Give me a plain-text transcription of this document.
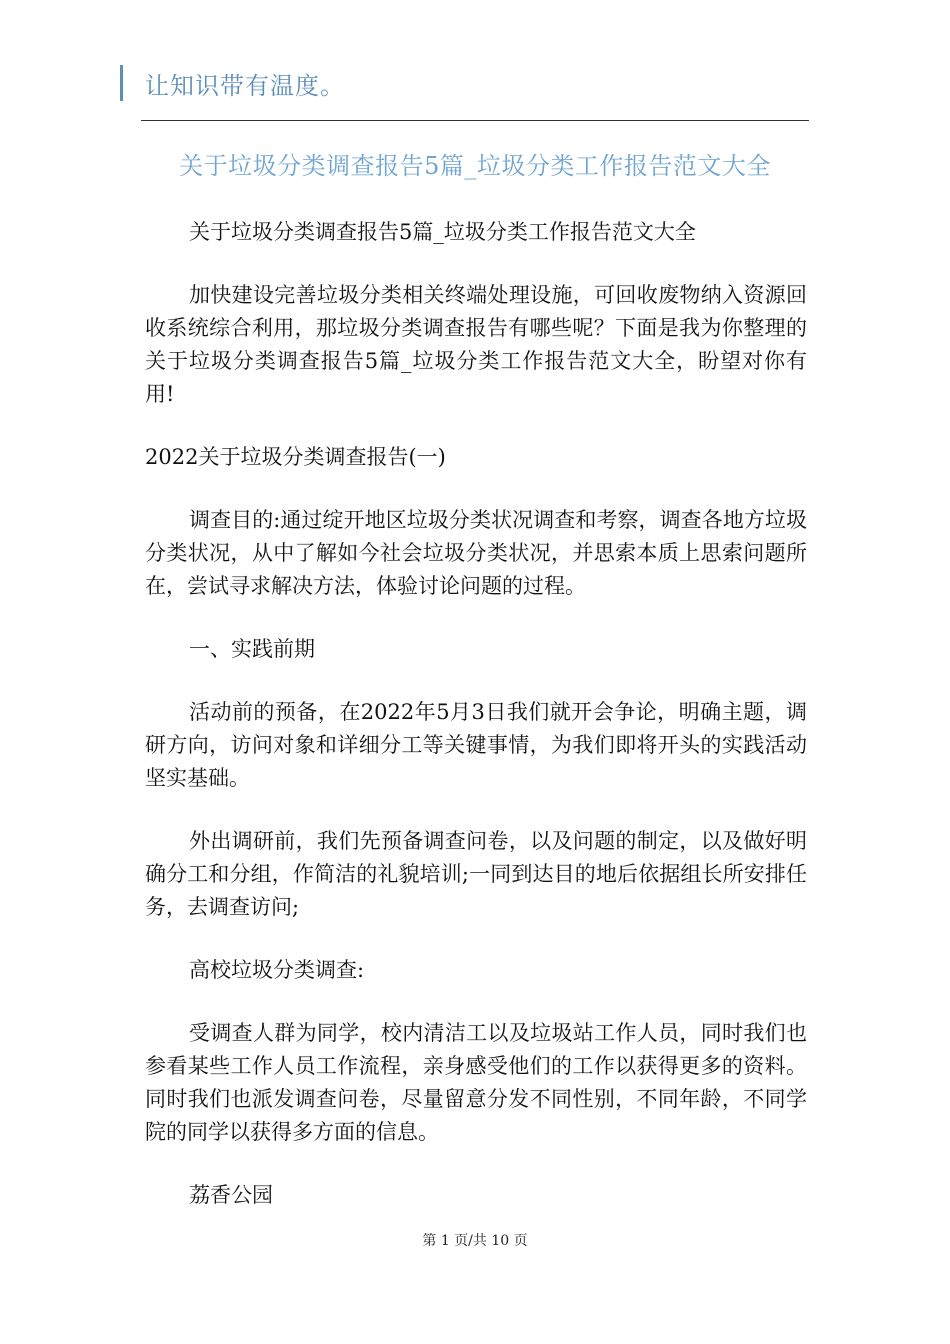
让知识带有温度。
关于垃圾分类调查报告5篇_垃圾分类工作报告范文大全

关于垃圾分类调查报告5篇_垃圾分类工作报告范文大全

加快建设完善垃圾分类相关终端处理设施，可回收废物纳入资源回收系统综合利用，那垃圾分类调查报告有哪些呢？下面是我为你整理的关于垃圾分类调查报告5篇_垃圾分类工作报告范文大全，盼望对你有用!

2022关于垃圾分类调查报告(一)

调查目的:通过绽开地区垃圾分类状况调查和考察，调查各地方垃圾分类状况，从中了解如今社会垃圾分类状况，并思索本质上思索问题所在，尝试寻求解决方法，体验讨论问题的过程。

一、实践前期

活动前的预备，在2022年5月3日我们就开会争论，明确主题，调研方向，访问对象和详细分工等关键事情，为我们即将开头的实践活动坚实基础。

外出调研前，我们先预备调查问卷，以及问题的制定，以及做好明确分工和分组，作简洁的礼貌培训;一同到达目的地后依据组长所安排任务，去调查访问;

高校垃圾分类调查:

受调查人群为同学，校内清洁工以及垃圾站工作人员，同时我们也参看某些工作人员工作流程，亲身感受他们的工作以获得更多的资料。同时我们也派发调查问卷，尽量留意分发不同性别，不同年龄，不同学院的同学以获得多方面的信息。

荔香公园

第 1 页/共 10 页
